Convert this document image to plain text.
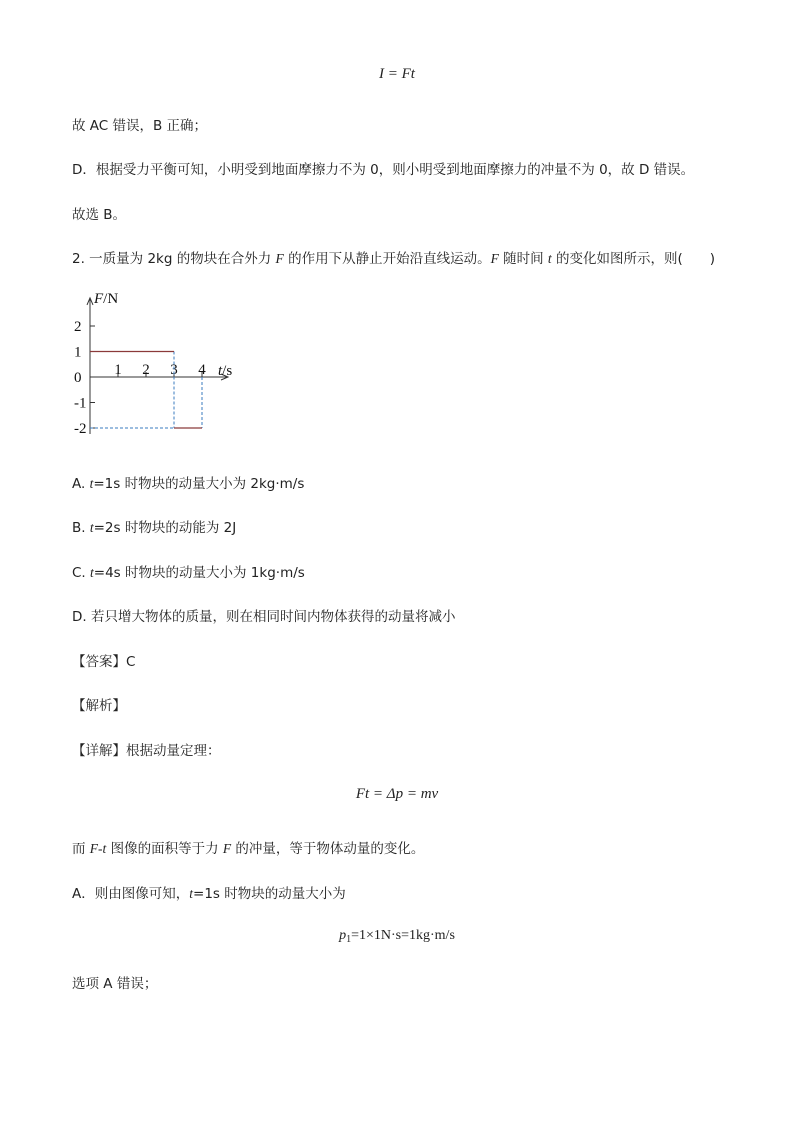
I = Ft
故 AC 错误，B 正确；
D．根据受力平衡可知，小明受到地面摩擦力不为 0，则小明受到地面摩擦力的冲量不为 0，故 D 错误。
故选 B。
2. 一质量为 2kg 的物块在合外力 F 的作用下从静止开始沿直线运动。F 随时间 t 的变化如图所示，则(　　)
1 2 3 4
2
1
0
-1
-2
F/N
t/s
A. t=1s 时物块的动量大小为 2kg·m/s
B. t=2s 时物块的动能为 2J
C. t=4s 时物块的动量大小为 1kg·m/s
D. 若只增大物体的质量，则在相同时间内物体获得的动量将减小
【答案】C
【解析】
【详解】根据动量定理：
Ft = Δp = mv
而 F-t 图像的面积等于力 F 的冲量，等于物体动量的变化。
A．则由图像可知，t=1s 时物块的动量大小为
$p_1=1\times 1N\cdot s=1kg\cdot m/s$
选项 A 错误；
